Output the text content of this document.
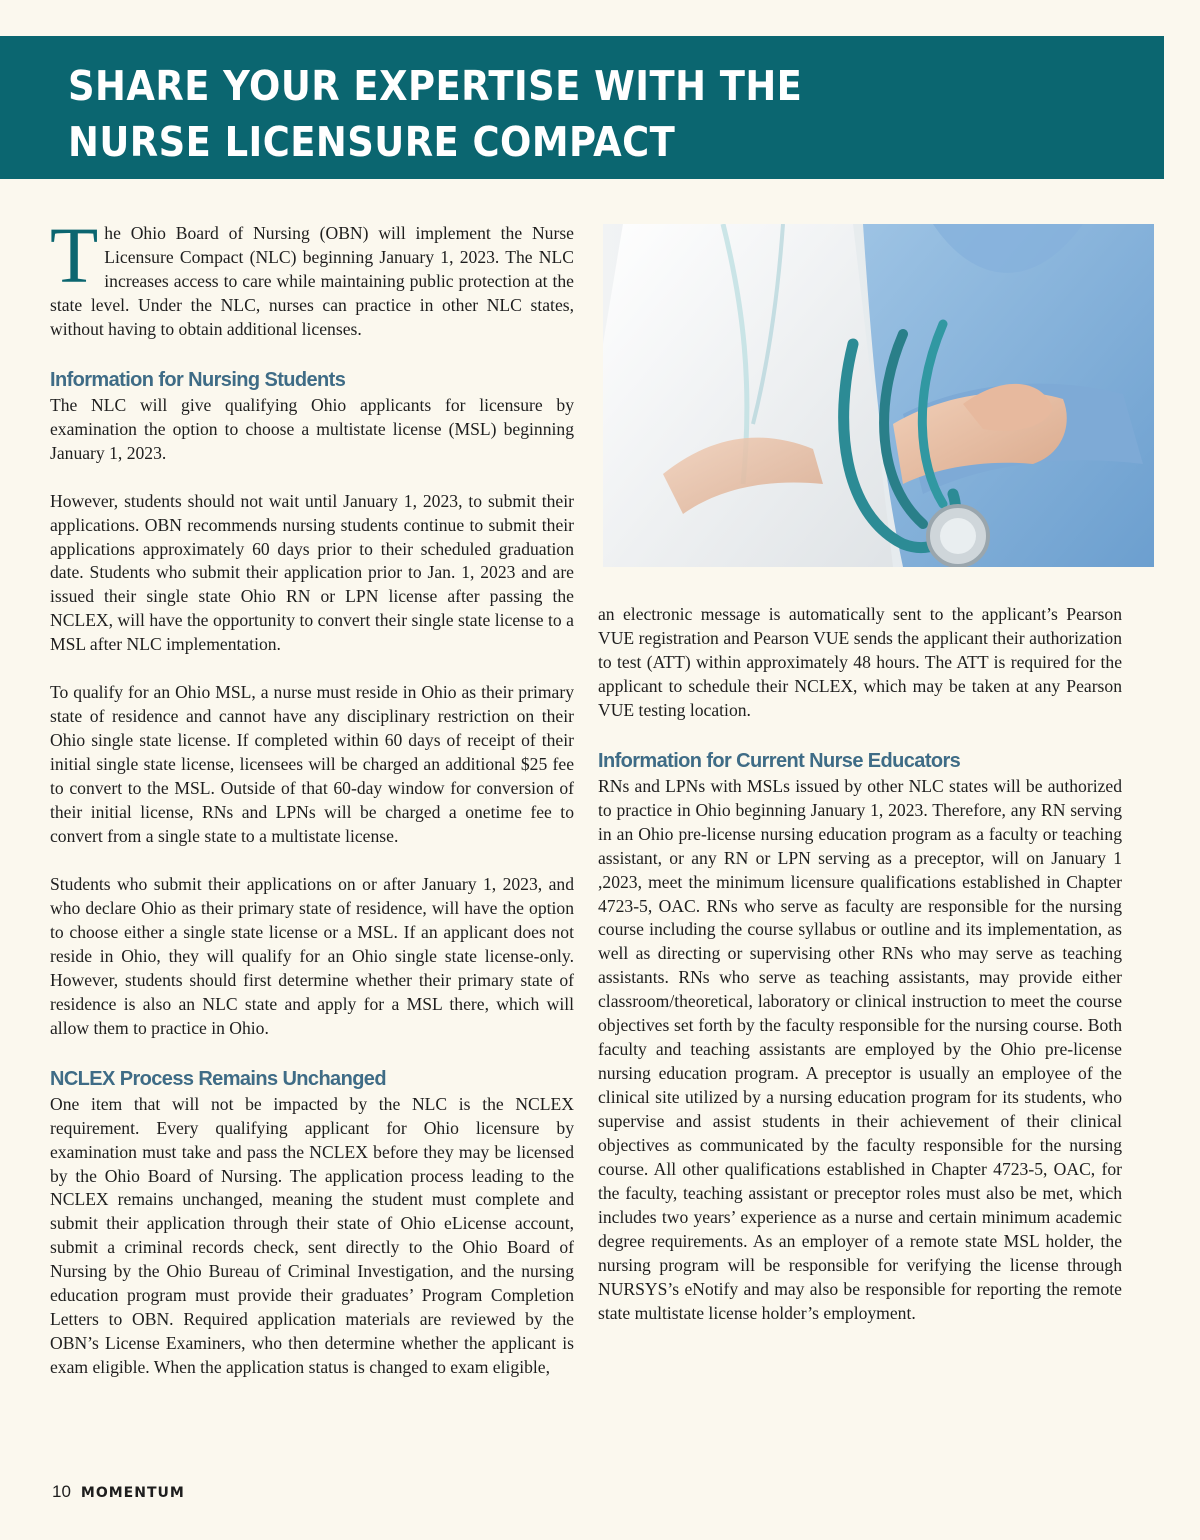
SHARE YOUR EXPERTISE WITH THE
NURSE LICENSURE COMPACT

The Ohio Board of Nursing (OBN) will implement the Nurse Licensure Compact (NLC) beginning January 1, 2023. The NLC increases access to care while maintaining public protection at the state level. Under the NLC, nurses can practice in other NLC states, without having to obtain additional licenses.

Information for Nursing Students

The NLC will give qualifying Ohio applicants for licensure by examination the option to choose a multistate license (MSL) beginning January 1, 2023.

However, students should not wait until January 1, 2023, to submit their applications. OBN recommends nursing students continue to submit their applications approximately 60 days prior to their scheduled graduation date. Students who submit their application prior to Jan. 1, 2023 and are issued their single state Ohio RN or LPN license after passing the NCLEX, will have the opportunity to convert their single state license to a MSL after NLC implementation.

To qualify for an Ohio MSL, a nurse must reside in Ohio as their primary state of residence and cannot have any disciplinary restriction on their Ohio single state license. If completed within 60 days of receipt of their initial single state license, licensees will be charged an additional $25 fee to convert to the MSL. Outside of that 60-day window for conversion of their initial license, RNs and LPNs will be charged a onetime fee to convert from a single state to a multistate license.

Students who submit their applications on or after January 1, 2023, and who declare Ohio as their primary state of residence, will have the option to choose either a single state license or a MSL. If an applicant does not reside in Ohio, they will qualify for an Ohio single state license-only. However, students should first determine whether their primary state of residence is also an NLC state and apply for a MSL there, which will allow them to practice in Ohio.

NCLEX Process Remains Unchanged

One item that will not be impacted by the NLC is the NCLEX requirement. Every qualifying applicant for Ohio licensure by examination must take and pass the NCLEX before they may be licensed by the Ohio Board of Nursing. The application process leading to the NCLEX remains unchanged, meaning the student must complete and submit their application through their state of Ohio eLicense account, submit a criminal records check, sent directly to the Ohio Board of Nursing by the Ohio Bureau of Criminal Investigation, and the nursing education program must provide their graduates’ Program Completion Letters to OBN. Required application materials are reviewed by the OBN’s License Examiners, who then determine whether the applicant is exam eligible. When the application status is changed to exam eligible,

an electronic message is automatically sent to the applicant’s Pearson VUE registration and Pearson VUE sends the applicant their authorization to test (ATT) within approximately 48 hours. The ATT is required for the applicant to schedule their NCLEX, which may be taken at any Pearson VUE testing location.

Information for Current Nurse Educators

RNs and LPNs with MSLs issued by other NLC states will be authorized to practice in Ohio beginning January 1, 2023. Therefore, any RN serving in an Ohio pre-license nursing education program as a faculty or teaching assistant, or any RN or LPN serving as a preceptor, will on January 1 ,2023, meet the minimum licensure qualifications established in Chapter 4723-5, OAC. RNs who serve as faculty are responsible for the nursing course including the course syllabus or outline and its implementation, as well as directing or supervising other RNs who may serve as teaching assistants. RNs who serve as teaching assistants, may provide either classroom/theoretical, laboratory or clinical instruction to meet the course objectives set forth by the faculty responsible for the nursing course. Both faculty and teaching assistants are employed by the Ohio pre-license nursing education program. A preceptor is usually an employee of the clinical site utilized by a nursing education program for its students, who supervise and assist students in their achievement of their clinical objectives as communicated by the faculty responsible for the nursing course. All other qualifications established in Chapter 4723-5, OAC, for the faculty, teaching assistant or preceptor roles must also be met, which includes two years’ experience as a nurse and certain minimum academic degree requirements. As an employer of a remote state MSL holder, the nursing program will be responsible for verifying the license through NURSYS’s eNotify and may also be responsible for reporting the remote state multistate license holder’s employment.

10 MOMENTUM
